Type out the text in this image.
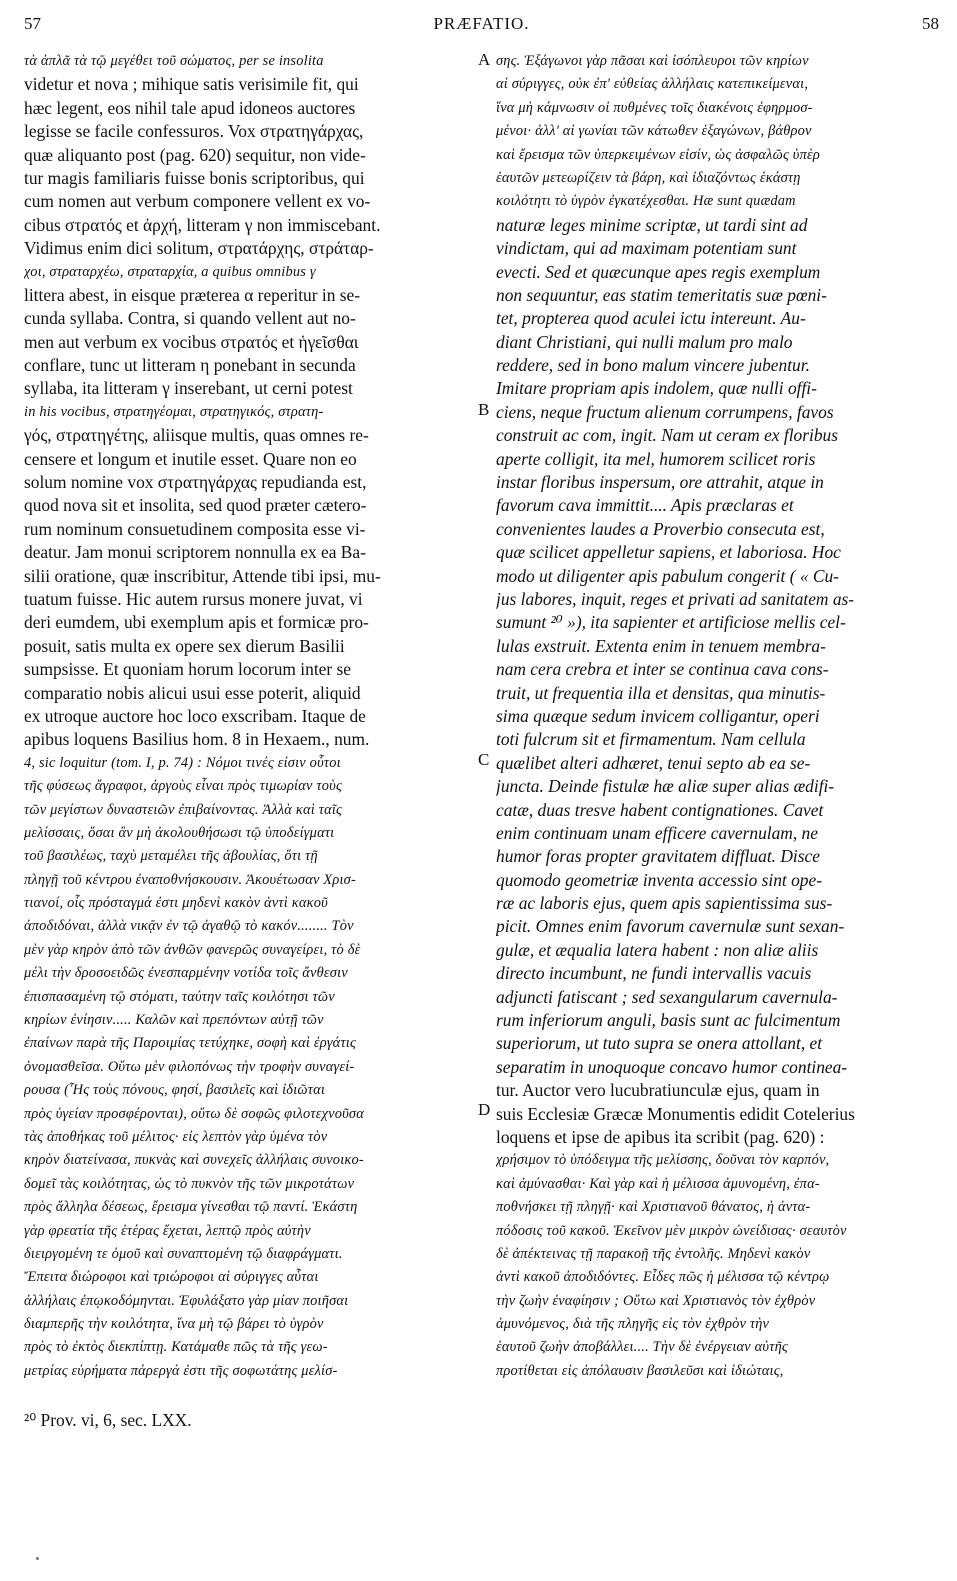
57	PRÆFATIO.	58
τὰ ἁπλᾶ τὰ τῷ μεγέθει τοῦ σώματος, per se insolita
videtur et nova ; mihique satis verisimile fit, qui
hæc legent, eos nihil tale apud idoneos auctores
legisse se facile confessuros. Vox στρατηγάρχας,
quæ aliquanto post (pag. 620) sequitur, non vide-
tur magis familiaris fuisse bonis scriptoribus, qui
cum nomen aut verbum componere vellent ex vo-
cibus στρατός et ἀρχή, litteram γ non immiscebant.
Vidimus enim dici solitum, στρατάρχης, στράταρ-
χοι, στραταρχέω, στραταρχία, a quibus omnibus γ
littera abest, in eisque præterea α reperitur in se-
cunda syllaba. Contra, si quando vellent aut no-
men aut verbum ex vocibus στρατός et ἡγεῖσθαι
conflare, tunc ut litteram η ponebant in secunda
syllaba, ita litteram γ inserebant, ut cerni potest
in his vocibus, στρατηγέομαι, στρατηγικός, στρατη-
γός, στρατηγέτης, aliisque multis, quas omnes re-
censere et longum et inutile esset. Quare non eo
solum nomine vox στρατηγάρχας repudianda est,
quod nova sit et insolita, sed quod præter cætero-
rum nominum consuetudinem composita esse vi-
deatur. Jam monui scriptorem nonnulla ex ea Ba-
silii oratione, quæ inscribitur, Attende tibi ipsi, mu-
tuatum fuisse. Hic autem rursus monere juvat, vi
deri eumdem, ubi exemplum apis et formicæ pro-
posuit, satis multa ex opere sex dierum Basilii
sumpsisse. Et quoniam horum locorum inter se
comparatio nobis alicui usui esse poterit, aliquid
ex utroque auctore hoc loco exscribam. Itaque de
apibus loquens Basilius hom. 8 in Hexaem., num.
4, sic loquitur (tom. I, p. 74) : Νόμοι τινές εἰσιν οὗτοι
τῆς φύσεως ἄγραφοι, ἀργοὺς εἶναι πρὸς τιμωρίαν τοὺς
τῶν μεγίστων δυναστειῶν ἐπιβαίνοντας. Ἀλλὰ καὶ ταῖς
μελίσσαις, ὅσαι ἂν μὴ ἀκολουθήσωσι τῷ ὑποδείγματι
τοῦ βασιλέως, ταχὺ μεταμέλει τῆς ἀβουλίας, ὅτι τῇ
πληγῇ τοῦ κέντρου ἐναποθνήσκουσιν. Ἀκουέτωσαν Χρισ-
τιανοί, οἷς πρόσταγμά ἐστι μηδενὶ κακὸν ἀντὶ κακοῦ
ἀποδιδόναι, ἀλλὰ νικᾷν ἐν τῷ ἀγαθῷ τὸ κακόν........ Τὸν
μὲν γὰρ κηρὸν ἀπὸ τῶν ἀνθῶν φανερῶς συναγείρει, τὸ δὲ
μέλι τὴν δροσοειδῶς ἐνεσπαρμένην νοτίδα τοῖς ἄνθεσιν
ἐπισπασαμένη τῷ στόματι, ταύτην ταῖς κοιλότησι τῶν
κηρίων ἐνίησιν..... Καλῶν καὶ πρεπόντων αὐτῇ τῶν
ἐπαίνων παρὰ τῆς Παροιμίας τετύχηκε, σοφὴ καὶ ἐργάτις
ὀνομασθεῖσα. Οὕτω μὲν φιλοπόνως τὴν τροφὴν συναγεί-
ρουσα (Ἧς τοὺς πόνους, φησί, βασιλεῖς καὶ ἰδιῶται
πρὸς ὑγείαν προσφέρονται), οὕτω δὲ σοφῶς φιλοτεχνοῦσα
τὰς ἀποθήκας τοῦ μέλιτος· εἰς λεπτὸν γὰρ ὑμένα τὸν
κηρὸν διατείνασα, πυκνὰς καὶ συνεχεῖς ἀλλήλαις συνοικο-
δομεῖ τὰς κοιλότητας, ὡς τὸ πυκνὸν τῆς τῶν μικροτάτων
πρὸς ἄλληλα δέσεως, ἔρεισμα γίνεσθαι τῷ παντί. Ἑκάστη
γὰρ φρεατία τῆς ἑτέρας ἔχεται, λεπτῷ πρὸς αὐτὴν
διειργομένη τε ὁμοῦ καὶ συναπτομένη τῷ διαφράγματι.
Ἔπειτα διώροφοι καὶ τριώροφοι αἱ σύριγγες αὗται
ἀλλήλαις ἐπῳκοδόμηνται. Ἐφυλάξατο γὰρ μίαν ποιῆσαι
διαμπερῆς τὴν κοιλότητα, ἵνα μὴ τῷ βάρει τὸ ὑγρὸν
πρὸς τὸ ἐκτὸς διεκπίπτῃ. Κατάμαθε πῶς τὰ τῆς γεω-
μετρίας εὑρήματα πάρεργά ἐστι τῆς σοφωτάτης μελίσ-
σης. Ἑξάγωνοι γὰρ πᾶσαι καὶ ἰσόπλευροι τῶν κηρίων
αἱ σύριγγες, οὐκ ἐπ' εὐθείας ἀλλήλαις κατεπικείμεναι,
ἵνα μὴ κάμνωσιν οἱ πυθμένες τοῖς διακένοις ἐφηρμοσ-
μένοι· ἀλλ' αἱ γωνίαι τῶν κάτωθεν ἑξαγώνων, βάθρον
καὶ ἔρεισμα τῶν ὑπερκειμένων εἰσίν, ὡς ἀσφαλῶς ὑπὲρ
ἑαυτῶν μετεωρίζειν τὰ βάρη, καὶ ἰδιαζόντως ἑκάστῃ
κοιλότητι τὸ ὑγρὸν ἐγκατέχεσθαι. Hæ sunt quædam
naturæ leges minime scriptæ, ut tardi sint ad
vindictam, qui ad maximam potentiam sunt
evecti. Sed et quæcunque apes regis exemplum
non sequuntur, eas statim temeritatis suæ pœni-
tet, propterea quod aculei ictu intereunt. Au-
diant Christiani, qui nulli malum pro malo
reddere, sed in bono malum vincere jubentur.
Imitare propriam apis indolem, quæ nulli offi-
ciens, neque fructum alienum corrumpens, favos
construit ac com, ingit. Nam ut ceram ex floribus
aperte colligit, ita mel, humorem scilicet roris
instar floribus inspersum, ore attrahit, atque in
favorum cava immittit.... Apis præclaras et
convenientes laudes a Proverbio consecuta est,
quæ scilicet appelletur sapiens, et laboriosa. Hoc
modo ut diligenter apis pabulum congerit ( « Cu-
jus labores, inquit, reges et privati ad sanitatem as-
sumunt ²⁰ »), ita sapienter et artificiose mellis cel-
lulas exstruit. Extenta enim in tenuem membra-
nam cera crebra et inter se continua cava cons-
truit, ut frequentia illa et densitas, qua minutis-
sima quæque sedum invicem colligantur, operi
toti fulcrum sit et firmamentum. Nam cellula
quælibet alteri adhæret, tenui septo ab ea se-
juncta. Deinde fistulæ hæ aliæ super alias ædifi-
catæ, duas tresve habent contignationes. Cavet
enim continuam unam efficere cavernulam, ne
humor foras propter gravitatem diffluat. Disce
quomodo geometriæ inventa accessio sint ope-
ræ ac laboris ejus, quem apis sapientissima sus-
picit. Omnes enim favorum cavernulæ sunt sexan-
gulæ, et æqualia latera habent : non aliæ aliis
directo incumbunt, ne fundi intervallis vacuis
adjuncti fatiscant ; sed sexangularum cavernula-
rum inferiorum anguli, basis sunt ac fulcimentum
superiorum, ut tuto supra se onera attollant, et
separatim in unoquoque concavo humor continea-
tur. Auctor vero lucubratiunculæ ejus, quam in
suis Ecclesiæ Græcæ Monumentis edidit Cotelerius
loquens et ipse de apibus ita scribit (pag. 620) :
χρήσιμον τὸ ὑπόδειγμα τῆς μελίσσης, δοῦναι τὸν καρπόν,
καὶ ἀμύνασθαι· Καὶ γὰρ καὶ ἡ μέλισσα ἀμυνομένη, ἐπα-
ποθνήσκει τῇ πληγῇ· καὶ Χριστιανοῦ θάνατος, ἡ ἀντα-
πόδοσις τοῦ κακοῦ. Ἐκεῖνον μὲν μικρὸν ὠνείδισας· σεαυτὸν
δὲ ἀπέκτεινας τῇ παρακοῇ τῆς ἐντολῆς. Μηδενὶ κακὸν
ἀντὶ κακοῦ ἀποδιδόντες. Εἶδες πῶς ἡ μέλισσα τῷ κέντρῳ
τὴν ζωὴν ἐναφίησιν ; Οὕτω καὶ Χριστιανὸς τὸν ἐχθρὸν
ἀμυνόμενος, διὰ τῆς πληγῆς εἰς τὸν ἐχθρὸν τὴν
ἑαυτοῦ ζωὴν ἀποβάλλει.... Τὴν δὲ ἐνέργειαν αὐτῆς
προτίθεται εἰς ἀπόλαυσιν βασιλεῦσι καὶ ἰδιώταις,
A
B
C
D
²⁰ Prov. vi, 6, sec. LXX.
